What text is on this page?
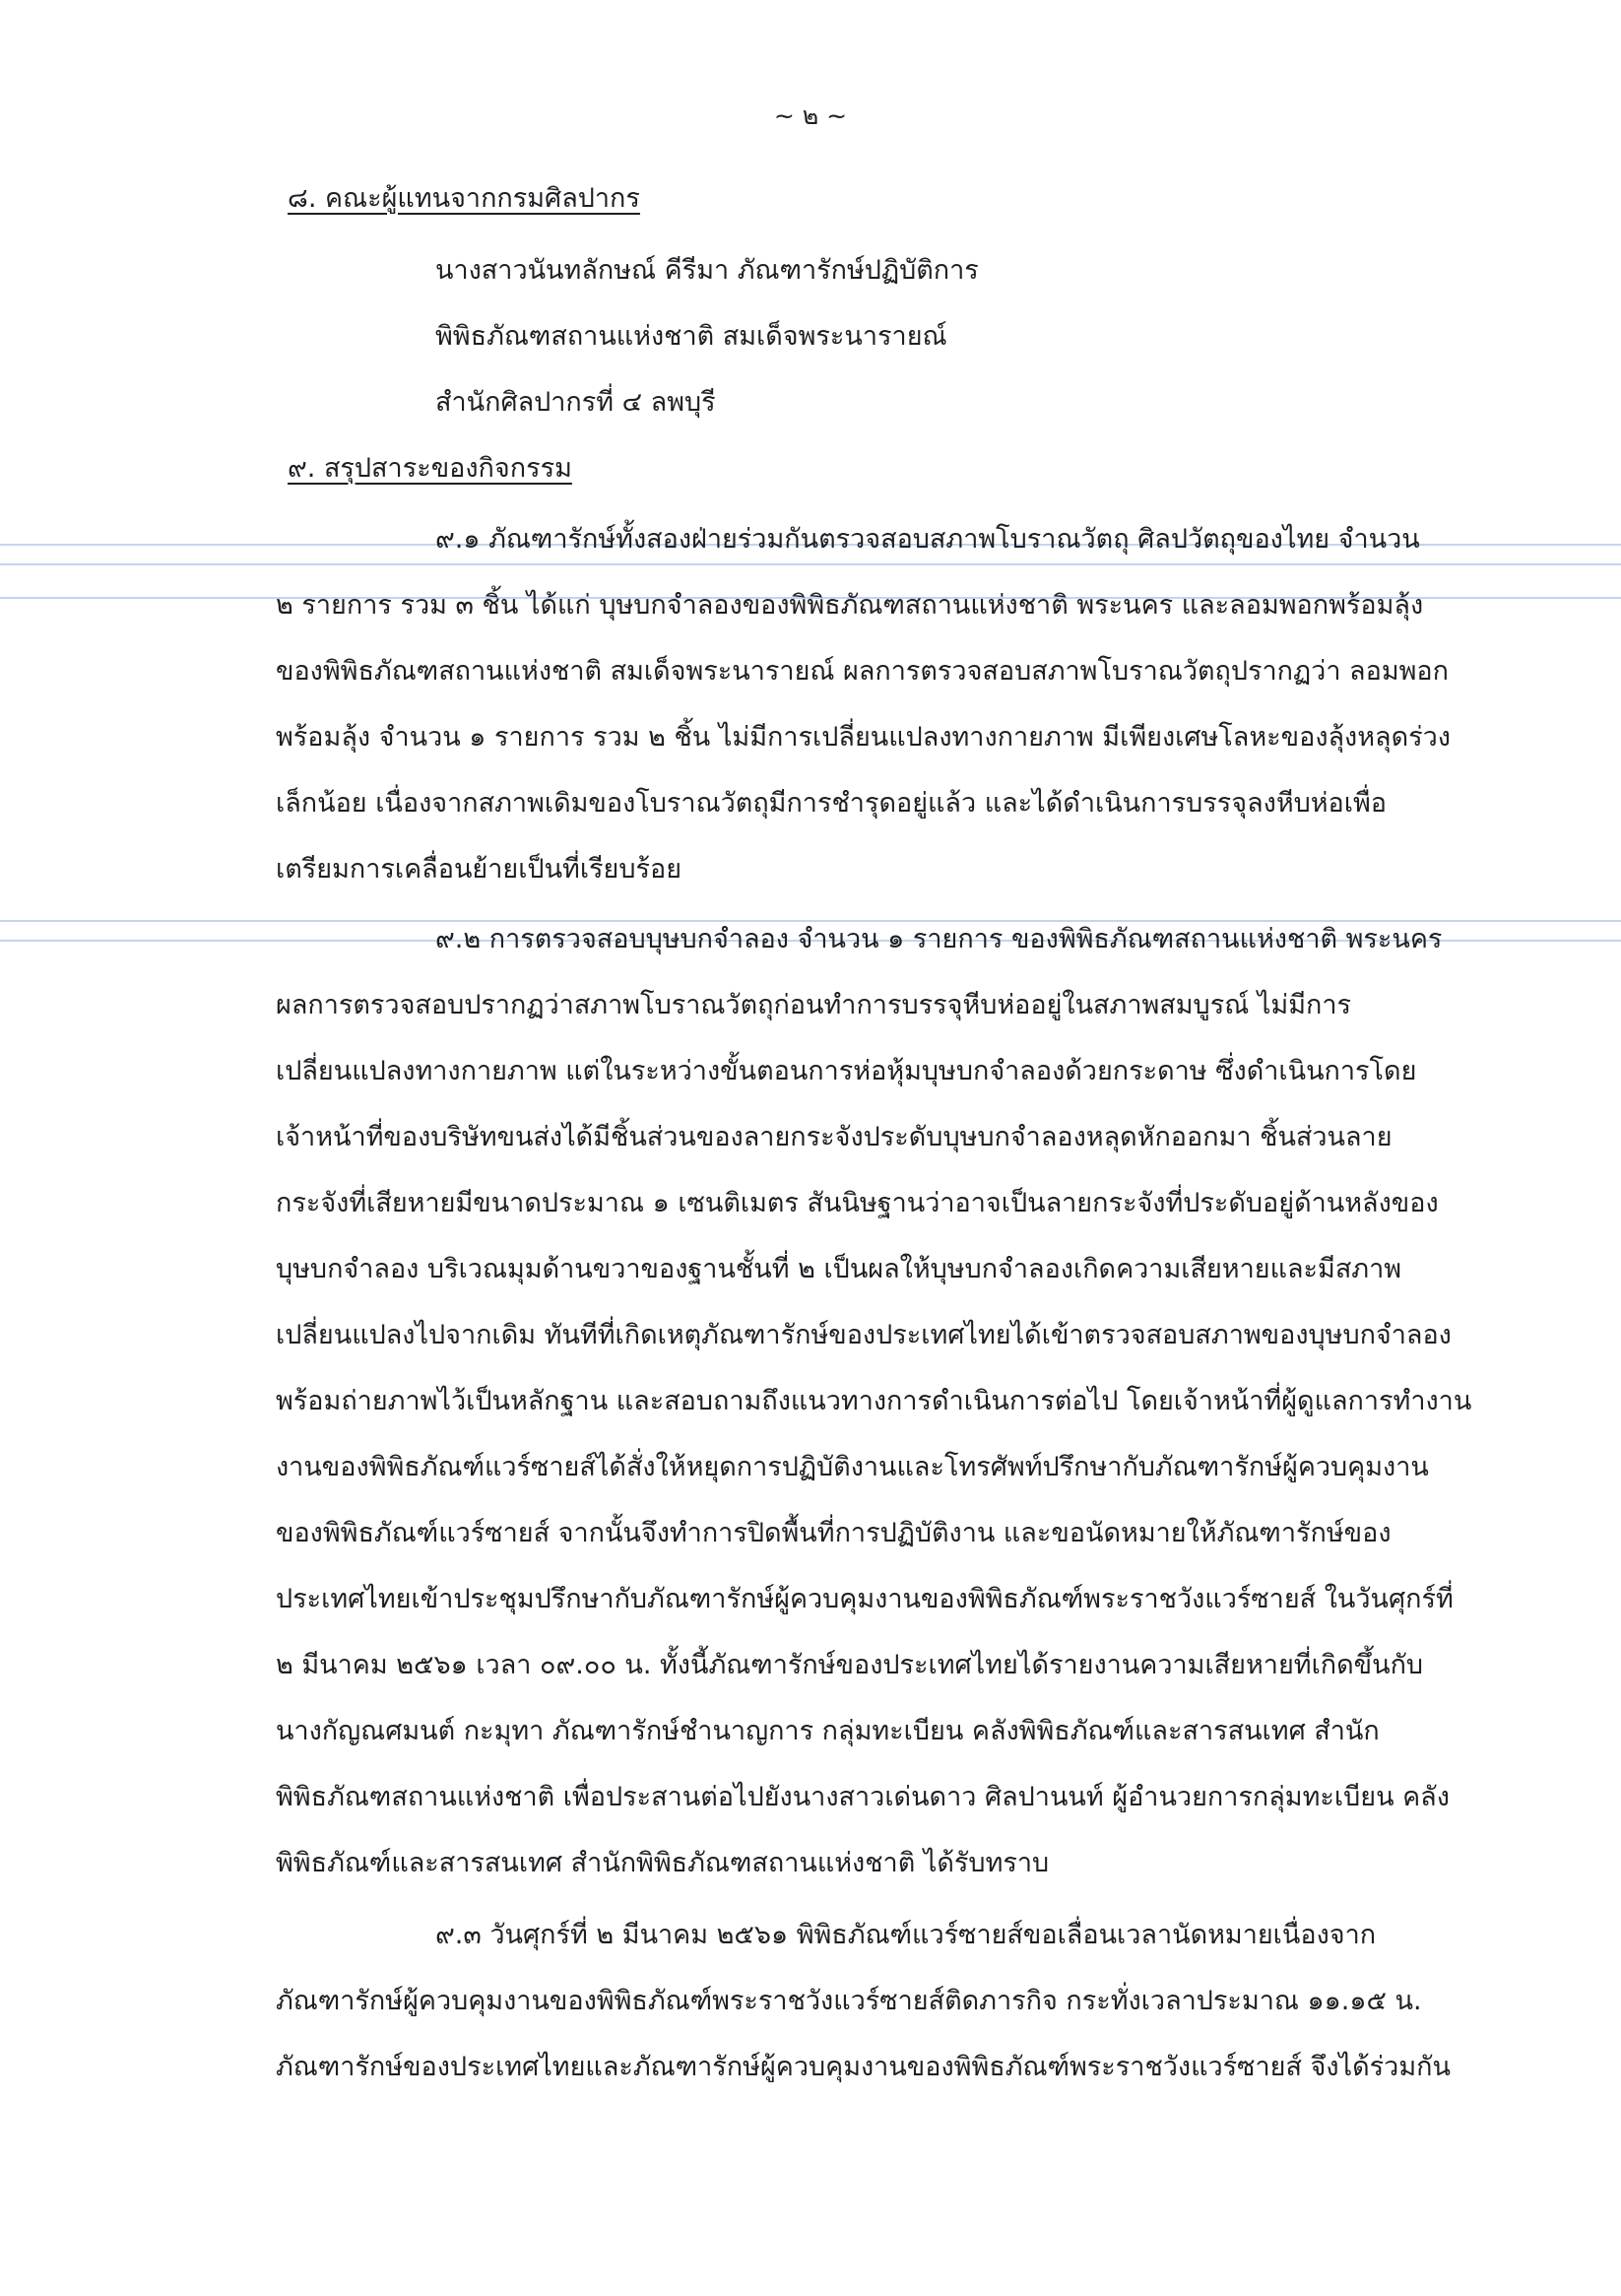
~ ๒ ~
๘. คณะผู้แทนจากกรมศิลปากร
นางสาวนันทลักษณ์ คีรีมา ภัณฑารักษ์ปฏิบัติการ
พิพิธภัณฑสถานแห่งชาติ สมเด็จพระนารายณ์
สำนักศิลปากรที่ ๔ ลพบุรี
๙. สรุปสาระของกิจกรรม
๙.๑ ภัณฑารักษ์ทั้งสองฝ่ายร่วมกันตรวจสอบสภาพโบราณวัตถุ ศิลปวัตถุของไทย จำนวน
๒ รายการ รวม ๓ ชิ้น ได้แก่ บุษบกจำลองของพิพิธภัณฑสถานแห่งชาติ พระนคร และลอมพอกพร้อมลุ้ง
ของพิพิธภัณฑสถานแห่งชาติ สมเด็จพระนารายณ์ ผลการตรวจสอบสภาพโบราณวัตถุปรากฏว่า ลอมพอก
พร้อมลุ้ง จำนวน ๑ รายการ รวม ๒ ชิ้น ไม่มีการเปลี่ยนแปลงทางกายภาพ มีเพียงเศษโลหะของลุ้งหลุดร่วง
เล็กน้อย เนื่องจากสภาพเดิมของโบราณวัตถุมีการชำรุดอยู่แล้ว และได้ดำเนินการบรรจุลงหีบห่อเพื่อ
เตรียมการเคลื่อนย้ายเป็นที่เรียบร้อย
๙.๒ การตรวจสอบบุษบกจำลอง จำนวน ๑ รายการ ของพิพิธภัณฑสถานแห่งชาติ พระนคร
ผลการตรวจสอบปรากฏว่าสภาพโบราณวัตถุก่อนทำการบรรจุหีบห่ออยู่ในสภาพสมบูรณ์ ไม่มีการ
เปลี่ยนแปลงทางกายภาพ แต่ในระหว่างขั้นตอนการห่อหุ้มบุษบกจำลองด้วยกระดาษ ซึ่งดำเนินการโดย
เจ้าหน้าที่ของบริษัทขนส่งได้มีชิ้นส่วนของลายกระจังประดับบุษบกจำลองหลุดหักออกมา ชิ้นส่วนลาย
กระจังที่เสียหายมีขนาดประมาณ ๑ เซนติเมตร สันนิษฐานว่าอาจเป็นลายกระจังที่ประดับอยู่ด้านหลังของ
บุษบกจำลอง บริเวณมุมด้านขวาของฐานชั้นที่ ๒ เป็นผลให้บุษบกจำลองเกิดความเสียหายและมีสภาพ
เปลี่ยนแปลงไปจากเดิม ทันทีที่เกิดเหตุภัณฑารักษ์ของประเทศไทยได้เข้าตรวจสอบสภาพของบุษบกจำลอง
พร้อมถ่ายภาพไว้เป็นหลักฐาน และสอบถามถึงแนวทางการดำเนินการต่อไป โดยเจ้าหน้าที่ผู้ดูแลการทำงาน
งานของพิพิธภัณฑ์แวร์ซายส์ได้สั่งให้หยุดการปฏิบัติงานและโทรศัพท์ปรึกษากับภัณฑารักษ์ผู้ควบคุมงาน
ของพิพิธภัณฑ์แวร์ซายส์ จากนั้นจึงทำการปิดพื้นที่การปฏิบัติงาน และขอนัดหมายให้ภัณฑารักษ์ของ
ประเทศไทยเข้าประชุมปรึกษากับภัณฑารักษ์ผู้ควบคุมงานของพิพิธภัณฑ์พระราชวังแวร์ซายส์ ในวันศุกร์ที่
๒ มีนาคม ๒๕๖๑ เวลา ๐๙.๐๐ น. ทั้งนี้ภัณฑารักษ์ของประเทศไทยได้รายงานความเสียหายที่เกิดขึ้นกับ
นางกัญณศมนต์ กะมุทา ภัณฑารักษ์ชำนาญการ กลุ่มทะเบียน คลังพิพิธภัณฑ์และสารสนเทศ สำนัก
พิพิธภัณฑสถานแห่งชาติ เพื่อประสานต่อไปยังนางสาวเด่นดาว ศิลปานนท์ ผู้อำนวยการกลุ่มทะเบียน คลัง
พิพิธภัณฑ์และสารสนเทศ สำนักพิพิธภัณฑสถานแห่งชาติ ได้รับทราบ
๙.๓ วันศุกร์ที่ ๒ มีนาคม ๒๕๖๑ พิพิธภัณฑ์แวร์ซายส์ขอเลื่อนเวลานัดหมายเนื่องจาก
ภัณฑารักษ์ผู้ควบคุมงานของพิพิธภัณฑ์พระราชวังแวร์ซายส์ติดภารกิจ กระทั่งเวลาประมาณ ๑๑.๑๕ น.
ภัณฑารักษ์ของประเทศไทยและภัณฑารักษ์ผู้ควบคุมงานของพิพิธภัณฑ์พระราชวังแวร์ซายส์ จึงได้ร่วมกัน
